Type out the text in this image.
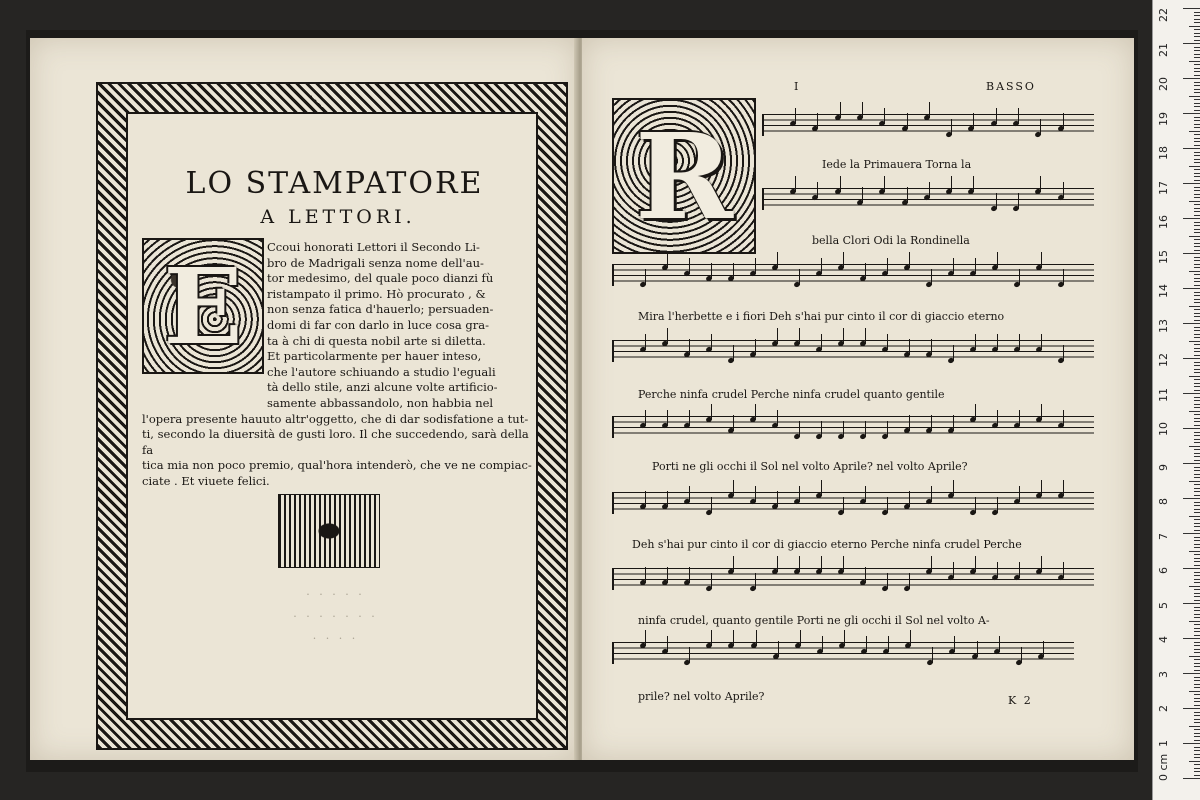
LO STAMPATORE

A LETTORI.

E	Ccoui honorati Lettori il Secondo Li-
bro de Madrigali senza nome dell'au-
tor medesimo, del quale poco dianzi fù
ristampato il primo. Hò procurato , &
non senza fatica d'hauerlo; persuaden-
domi di far con darlo in luce cosa gra-
ta à chi di questa nobil arte si diletta.
Et particolarmente per hauer inteso,
che l'autore schiuando a studio l'eguali
tà dello stile, anzi alcune volte artificio-
samente abbassandolo, non habbia nel
l'opera presente hauuto altr'oggetto, che di dar sodisfatione a tut-
ti, secondo la diuersità de gusti loro. Il che succedendo, sarà della fa
tica mia non poco premio, qual'hora intenderò, che ve ne compiac-
ciate . Et viuete felici.

· · · · ·
· · · · · · ·
· · · ·

I	BASSO
R	Iede la Primauera Torna la

bella Clori Odi la Rondinella

Mira l'herbette e i fiori Deh s'hai pur cinto il cor di giaccio eterno

Perche ninfa crudel Perche ninfa crudel quanto gentile

Porti ne gli occhi il Sol nel volto Aprile? nel volto Aprile?

Deh s'hai pur cinto il cor di giaccio eterno Perche ninfa crudel Perche

ninfa crudel, quanto gentile Porti ne gli occhi il Sol nel volto A-

prile? nel volto Aprile?	K 2
22
21
20
19
18
17
16
15
14
13
12
11
10
9
8
7
6
5
4
3
2
1
0 cm
